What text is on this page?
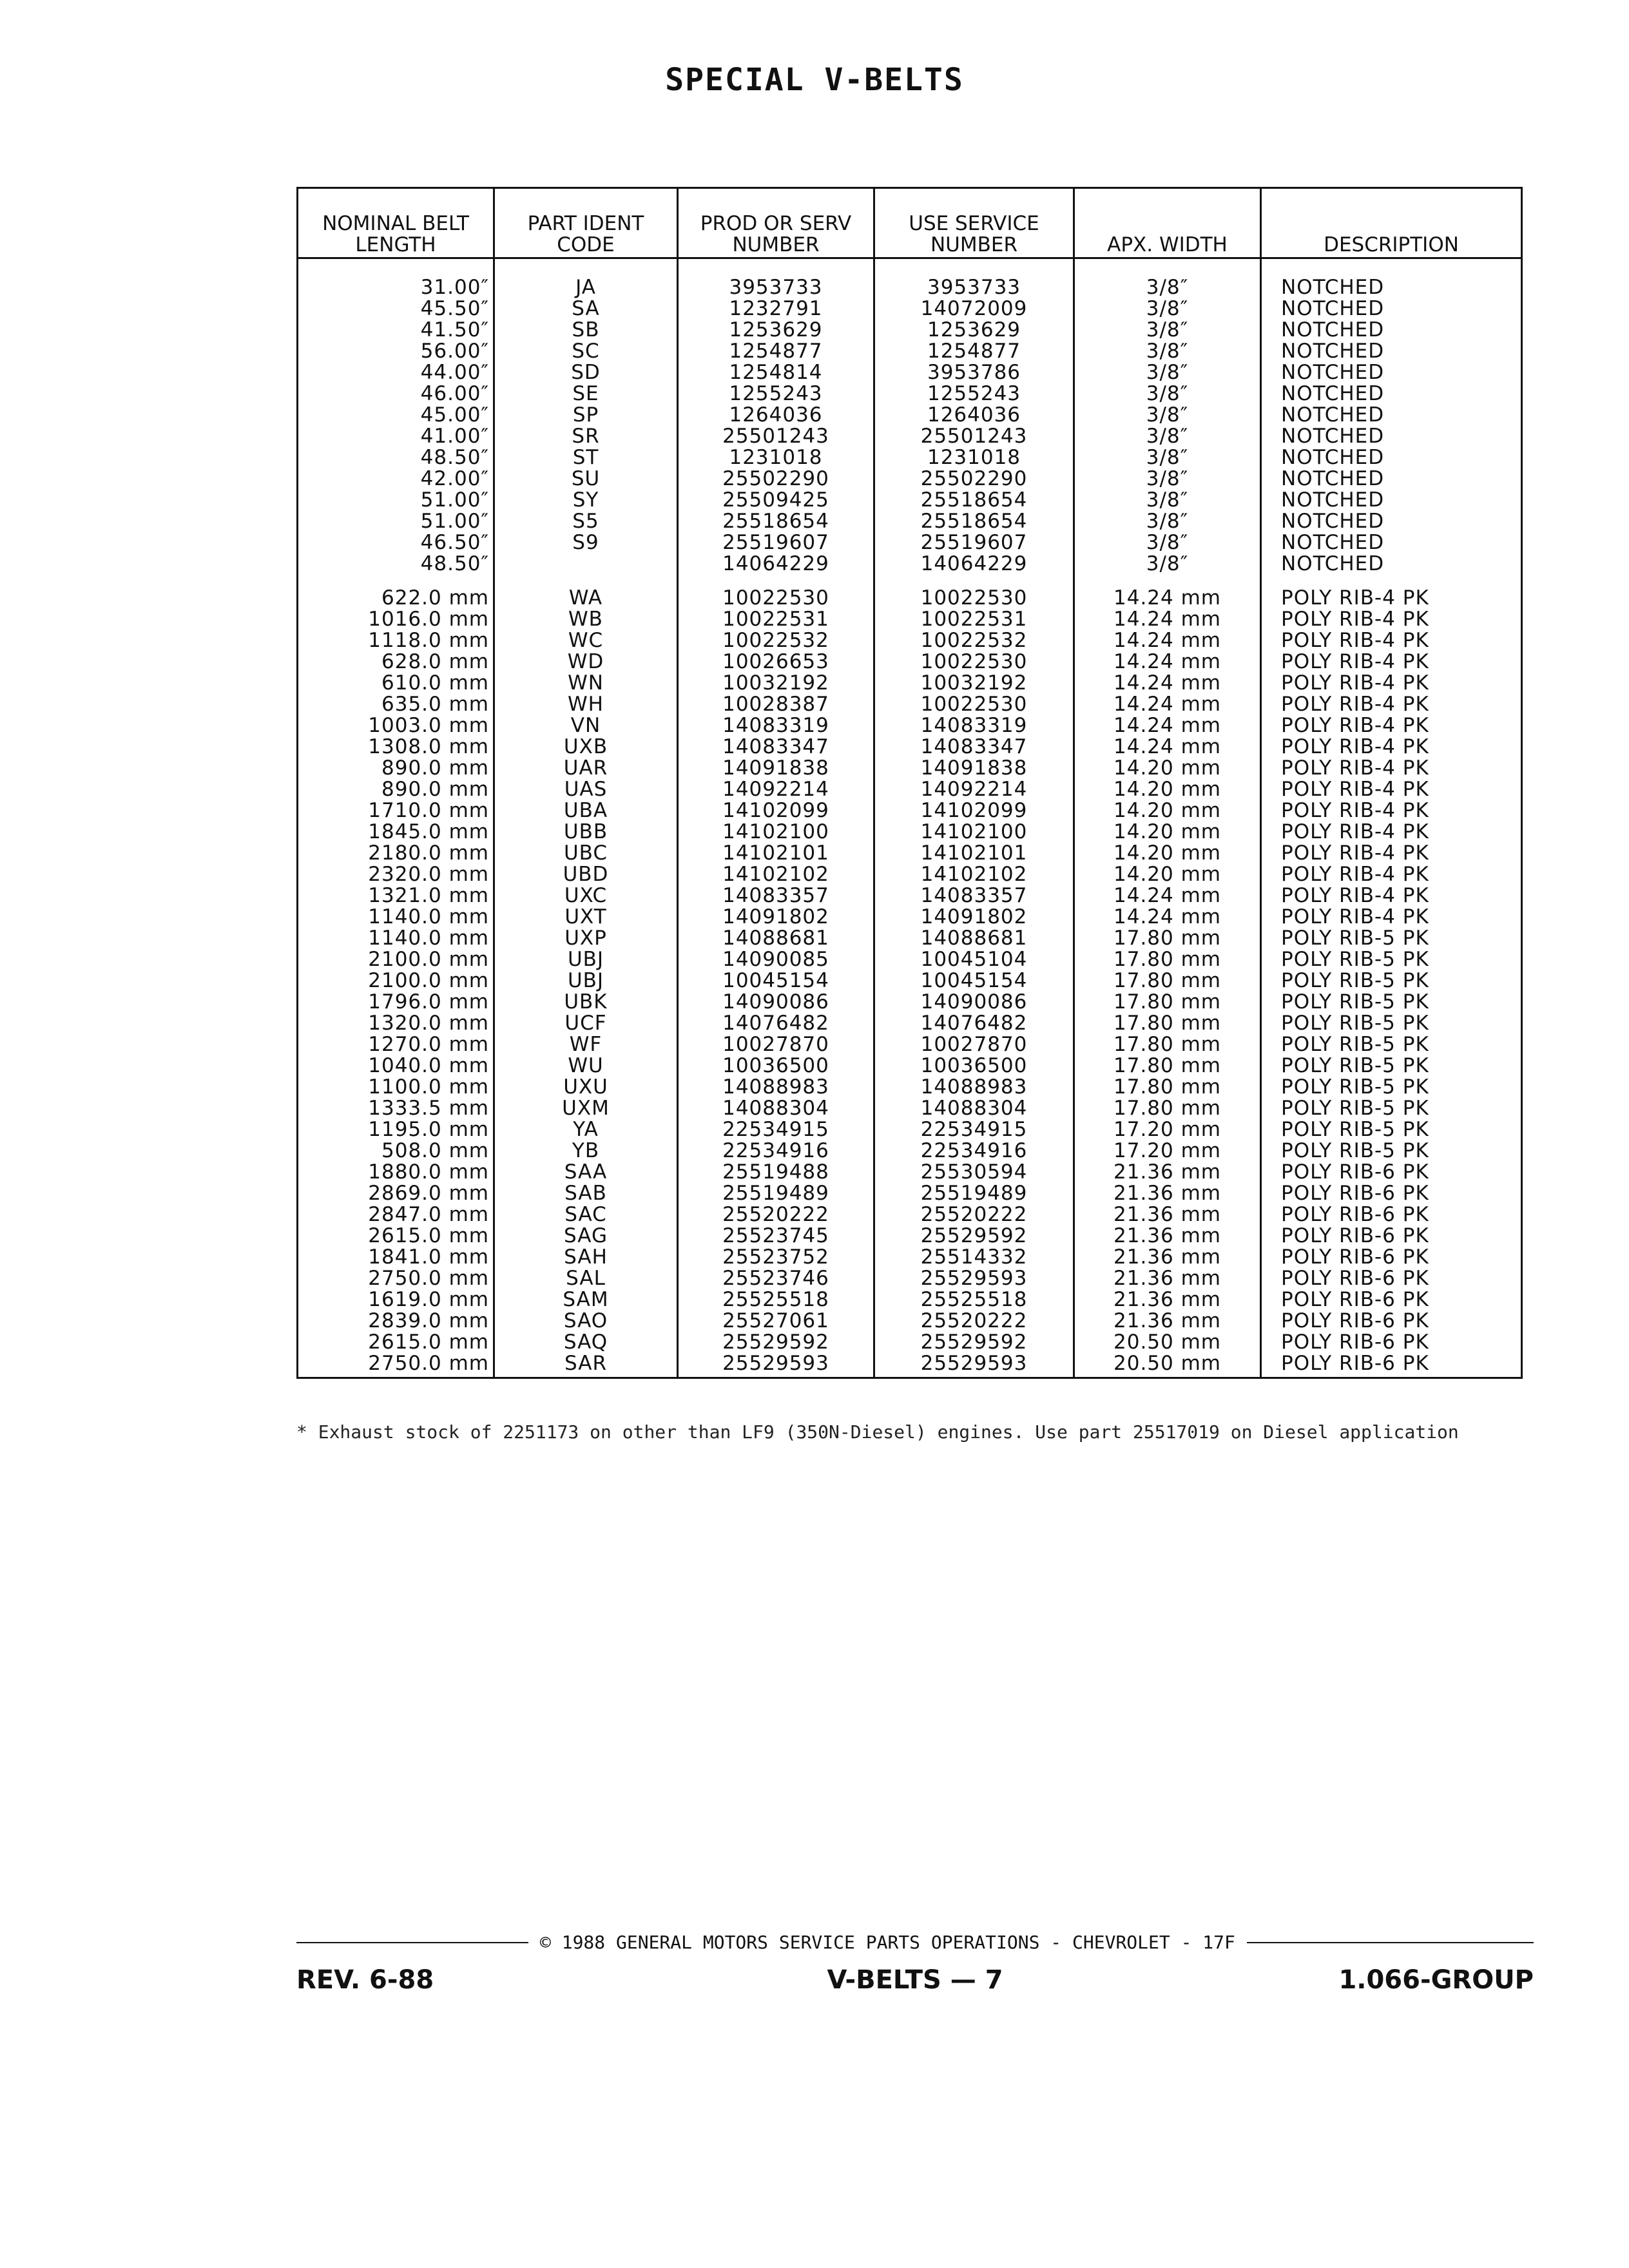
SPECIAL V-BELTS
NOMINAL BELT LENGTH	PART IDENT CODE	PROD OR SERV NUMBER	USE SERVICE NUMBER	APX. WIDTH	DESCRIPTION
31.00″	JA	3953733	3953733	3/8″	NOTCHED
45.50″	SA	1232791	14072009	3/8″	NOTCHED
41.50″	SB	1253629	1253629	3/8″	NOTCHED
56.00″	SC	1254877	1254877	3/8″	NOTCHED
44.00″	SD	1254814	3953786	3/8″	NOTCHED
46.00″	SE	1255243	1255243	3/8″	NOTCHED
45.00″	SP	1264036	1264036	3/8″	NOTCHED
41.00″	SR	25501243	25501243	3/8″	NOTCHED
48.50″	ST	1231018	1231018	3/8″	NOTCHED
42.00″	SU	25502290	25502290	3/8″	NOTCHED
51.00″	SY	25509425	25518654	3/8″	NOTCHED
51.00″	S5	25518654	25518654	3/8″	NOTCHED
46.50″	S9	25519607	25519607	3/8″	NOTCHED
48.50″		14064229	14064229	3/8″	NOTCHED
622.0 mm	WA	10022530	10022530	14.24 mm	POLY RIB-4 PK
1016.0 mm	WB	10022531	10022531	14.24 mm	POLY RIB-4 PK
1118.0 mm	WC	10022532	10022532	14.24 mm	POLY RIB-4 PK
628.0 mm	WD	10026653	10022530	14.24 mm	POLY RIB-4 PK
610.0 mm	WN	10032192	10032192	14.24 mm	POLY RIB-4 PK
635.0 mm	WH	10028387	10022530	14.24 mm	POLY RIB-4 PK
1003.0 mm	VN	14083319	14083319	14.24 mm	POLY RIB-4 PK
1308.0 mm	UXB	14083347	14083347	14.24 mm	POLY RIB-4 PK
890.0 mm	UAR	14091838	14091838	14.20 mm	POLY RIB-4 PK
890.0 mm	UAS	14092214	14092214	14.20 mm	POLY RIB-4 PK
1710.0 mm	UBA	14102099	14102099	14.20 mm	POLY RIB-4 PK
1845.0 mm	UBB	14102100	14102100	14.20 mm	POLY RIB-4 PK
2180.0 mm	UBC	14102101	14102101	14.20 mm	POLY RIB-4 PK
2320.0 mm	UBD	14102102	14102102	14.20 mm	POLY RIB-4 PK
1321.0 mm	UXC	14083357	14083357	14.24 mm	POLY RIB-4 PK
1140.0 mm	UXT	14091802	14091802	14.24 mm	POLY RIB-4 PK
1140.0 mm	UXP	14088681	14088681	17.80 mm	POLY RIB-5 PK
2100.0 mm	UBJ	14090085	10045104	17.80 mm	POLY RIB-5 PK
2100.0 mm	UBJ	10045154	10045154	17.80 mm	POLY RIB-5 PK
1796.0 mm	UBK	14090086	14090086	17.80 mm	POLY RIB-5 PK
1320.0 mm	UCF	14076482	14076482	17.80 mm	POLY RIB-5 PK
1270.0 mm	WF	10027870	10027870	17.80 mm	POLY RIB-5 PK
1040.0 mm	WU	10036500	10036500	17.80 mm	POLY RIB-5 PK
1100.0 mm	UXU	14088983	14088983	17.80 mm	POLY RIB-5 PK
1333.5 mm	UXM	14088304	14088304	17.80 mm	POLY RIB-5 PK
1195.0 mm	YA	22534915	22534915	17.20 mm	POLY RIB-5 PK
508.0 mm	YB	22534916	22534916	17.20 mm	POLY RIB-5 PK
1880.0 mm	SAA	25519488	25530594	21.36 mm	POLY RIB-6 PK
2869.0 mm	SAB	25519489	25519489	21.36 mm	POLY RIB-6 PK
2847.0 mm	SAC	25520222	25520222	21.36 mm	POLY RIB-6 PK
2615.0 mm	SAG	25523745	25529592	21.36 mm	POLY RIB-6 PK
1841.0 mm	SAH	25523752	25514332	21.36 mm	POLY RIB-6 PK
2750.0 mm	SAL	25523746	25529593	21.36 mm	POLY RIB-6 PK
1619.0 mm	SAM	25525518	25525518	21.36 mm	POLY RIB-6 PK
2839.0 mm	SAO	25527061	25520222	21.36 mm	POLY RIB-6 PK
2615.0 mm	SAQ	25529592	25529592	20.50 mm	POLY RIB-6 PK
2750.0 mm	SAR	25529593	25529593	20.50 mm	POLY RIB-6 PK
* Exhaust stock of 2251173 on other than LF9 (350N-Diesel) engines. Use part 25517019 on Diesel application
© 1988 GENERAL MOTORS SERVICE PARTS OPERATIONS - CHEVROLET - 17F
REV. 6-88	V-BELTS — 7	1.066-GROUP
